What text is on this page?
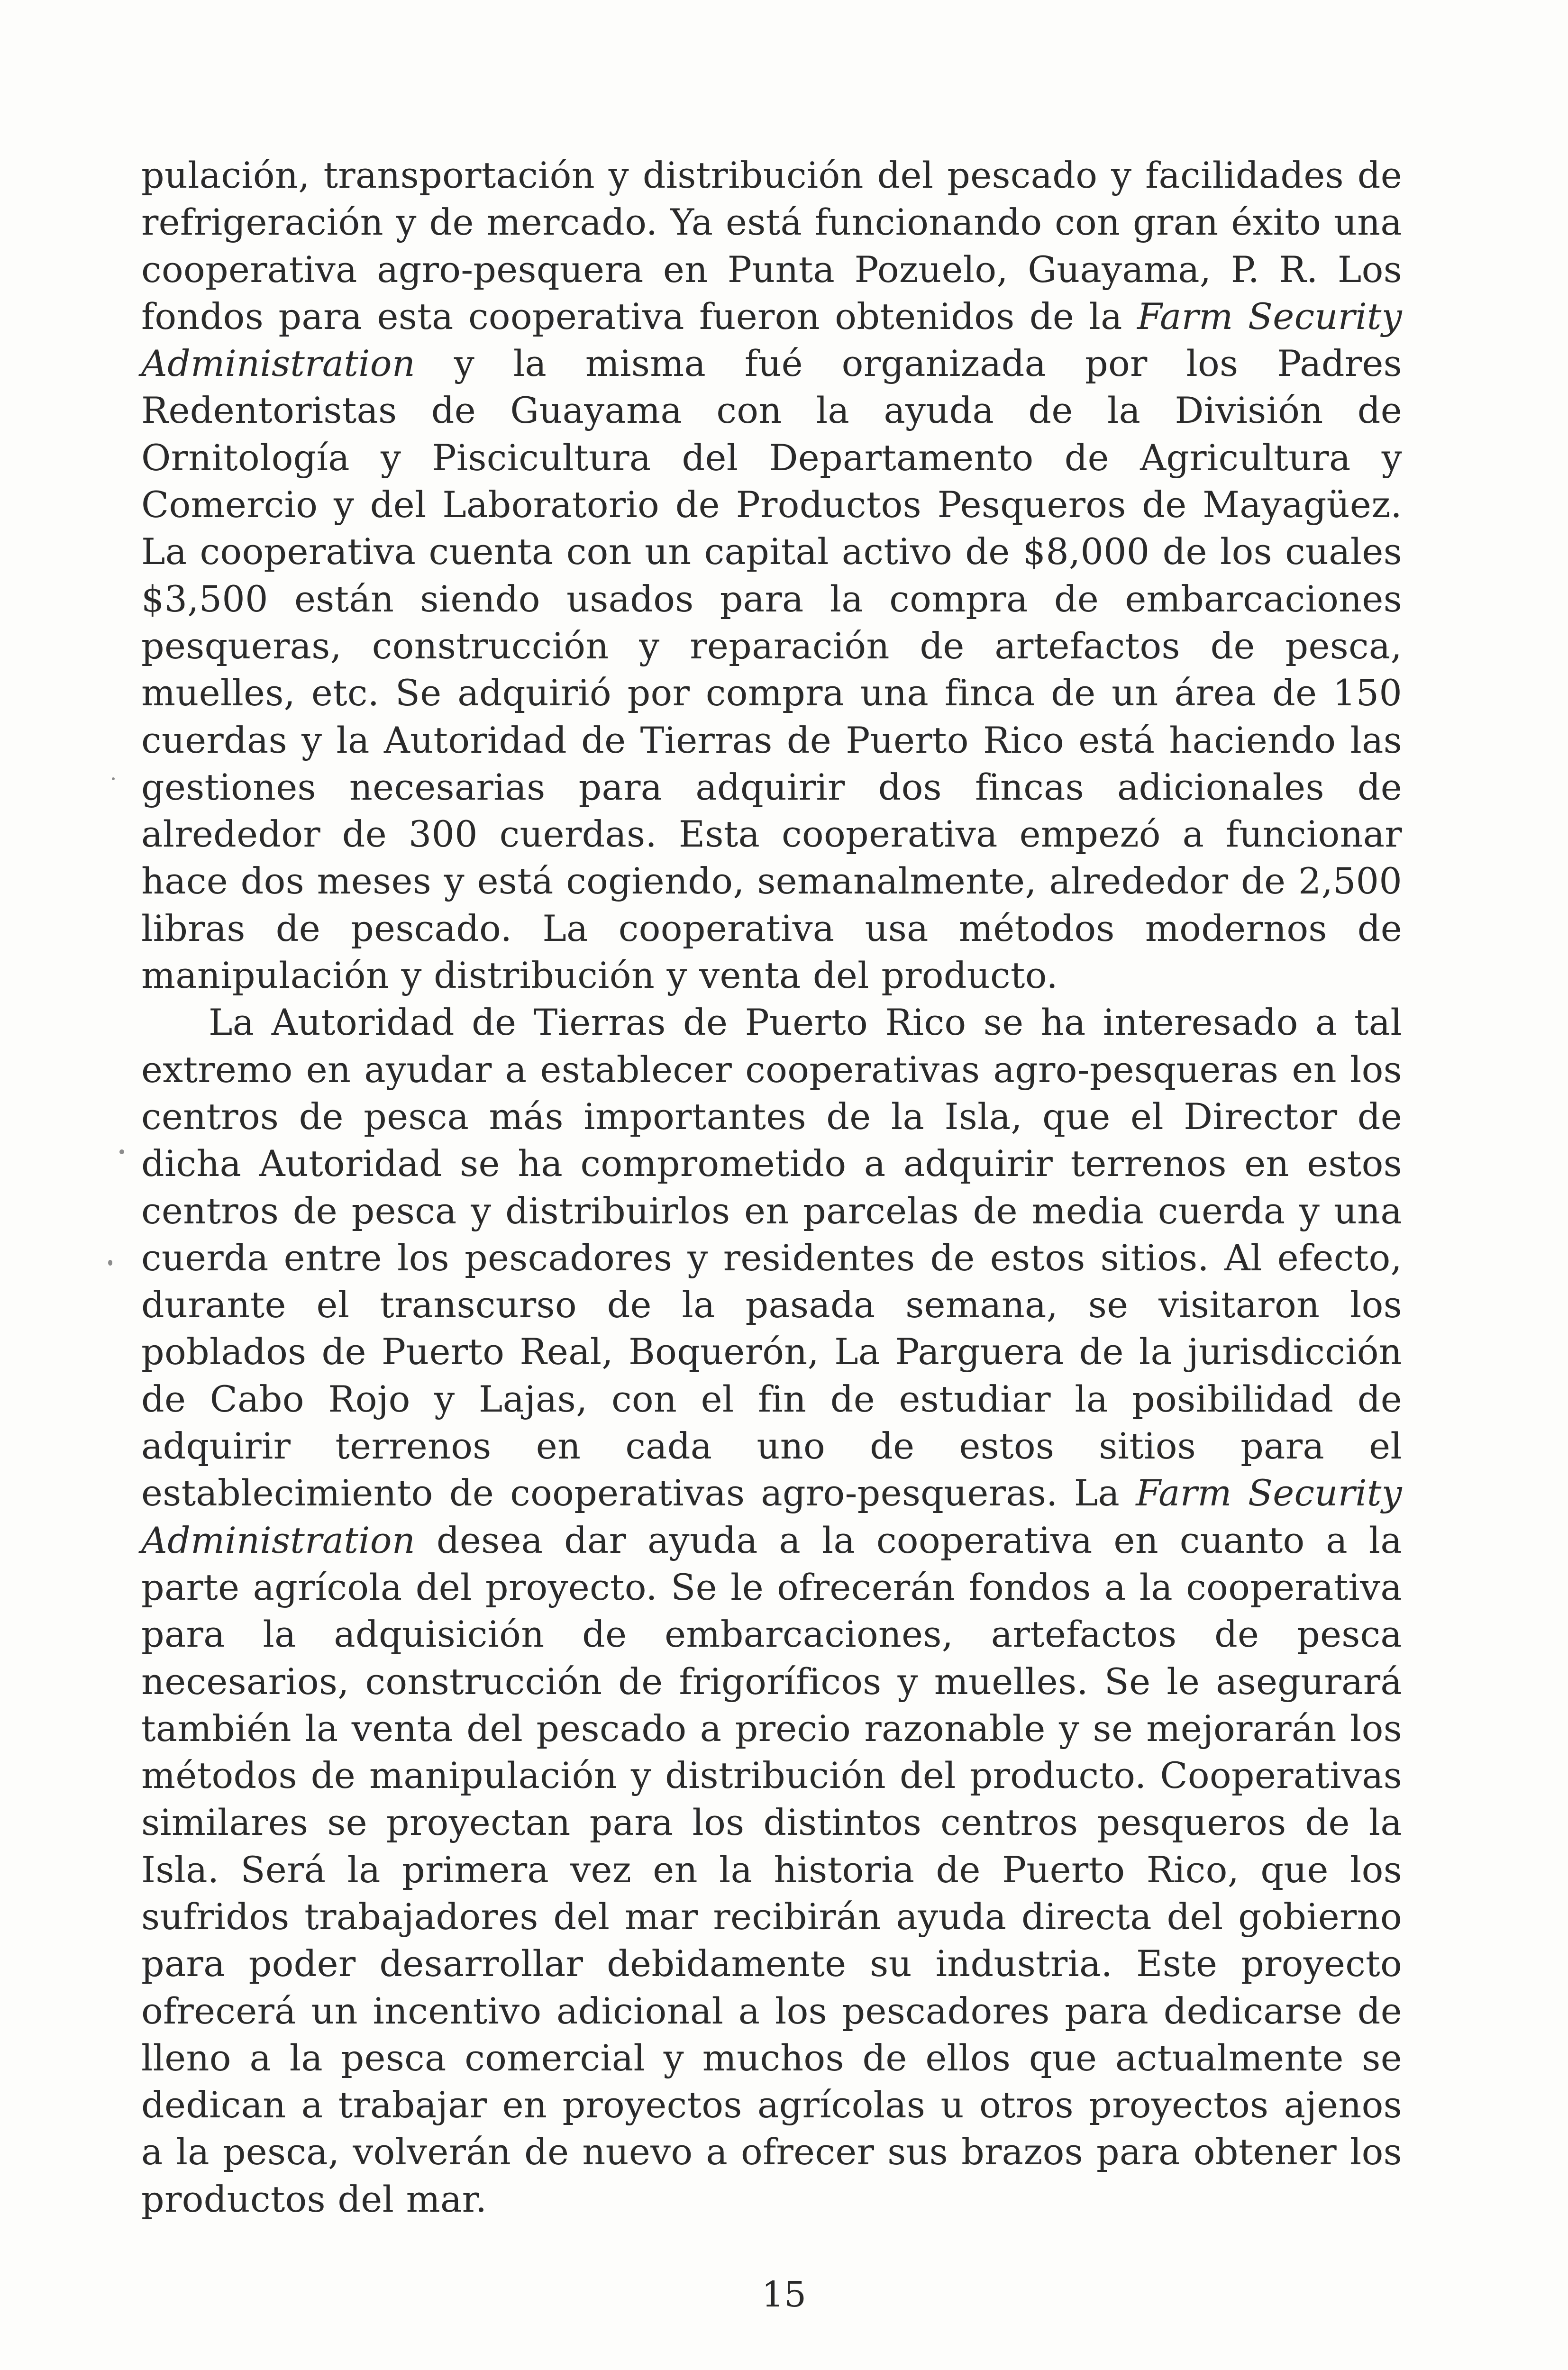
pulación, transportación y distribución del pescado y facilidades de refrigeración y de mercado. Ya está funcionando con gran éxito una cooperativa agro-pesquera en Punta Pozuelo, Guayama, P. R. Los fondos para esta cooperativa fueron obtenidos de la Farm Security Administration y la misma fué organizada por los Padres Redentoristas de Guayama con la ayuda de la División de Ornitología y Piscicultura del Departamento de Agricultura y Comercio y del Laboratorio de Productos Pesqueros de Mayagüez. La cooperativa cuenta con un capital activo de $8,000 de los cuales $3,500 están siendo usados para la compra de embarcaciones pesqueras, construcción y reparación de artefactos de pesca, muelles, etc. Se adquirió por compra una finca de un área de 150 cuerdas y la Autoridad de Tierras de Puerto Rico está haciendo las gestiones necesarias para adquirir dos fincas adicionales de alrededor de 300 cuerdas. Esta cooperativa empezó a funcionar hace dos meses y está cogiendo, semanalmente, alrededor de 2,500 libras de pescado. La cooperativa usa métodos modernos de manipulación y distribución y venta del producto.

La Autoridad de Tierras de Puerto Rico se ha interesado a tal extremo en ayudar a establecer cooperativas agro-pesqueras en los centros de pesca más importantes de la Isla, que el Director de dicha Autoridad se ha comprometido a adquirir terrenos en estos centros de pesca y distribuirlos en parcelas de media cuerda y una cuerda entre los pescadores y residentes de estos sitios. Al efecto, durante el transcurso de la pasada semana, se visitaron los poblados de Puerto Real, Boquerón, La Parguera de la jurisdicción de Cabo Rojo y Lajas, con el fin de estudiar la posibilidad de adquirir terrenos en cada uno de estos sitios para el establecimiento de cooperativas agro-pesqueras. La Farm Security Administration desea dar ayuda a la cooperativa en cuanto a la parte agrícola del proyecto. Se le ofrecerán fondos a la cooperativa para la adquisición de embarcaciones, artefactos de pesca necesarios, construcción de frigoríficos y muelles. Se le asegurará también la venta del pescado a precio razonable y se mejorarán los métodos de manipulación y distribución del producto. Cooperativas similares se proyectan para los distintos centros pesqueros de la Isla. Será la primera vez en la historia de Puerto Rico, que los sufridos trabajadores del mar recibirán ayuda directa del gobierno para poder desarrollar debidamente su industria. Este proyecto ofrecerá un incentivo adicional a los pescadores para dedicarse de lleno a la pesca comercial y muchos de ellos que actualmente se dedican a trabajar en proyectos agrícolas u otros proyectos ajenos a la pesca, volverán de nuevo a ofrecer sus brazos para obtener los productos del mar.

15
